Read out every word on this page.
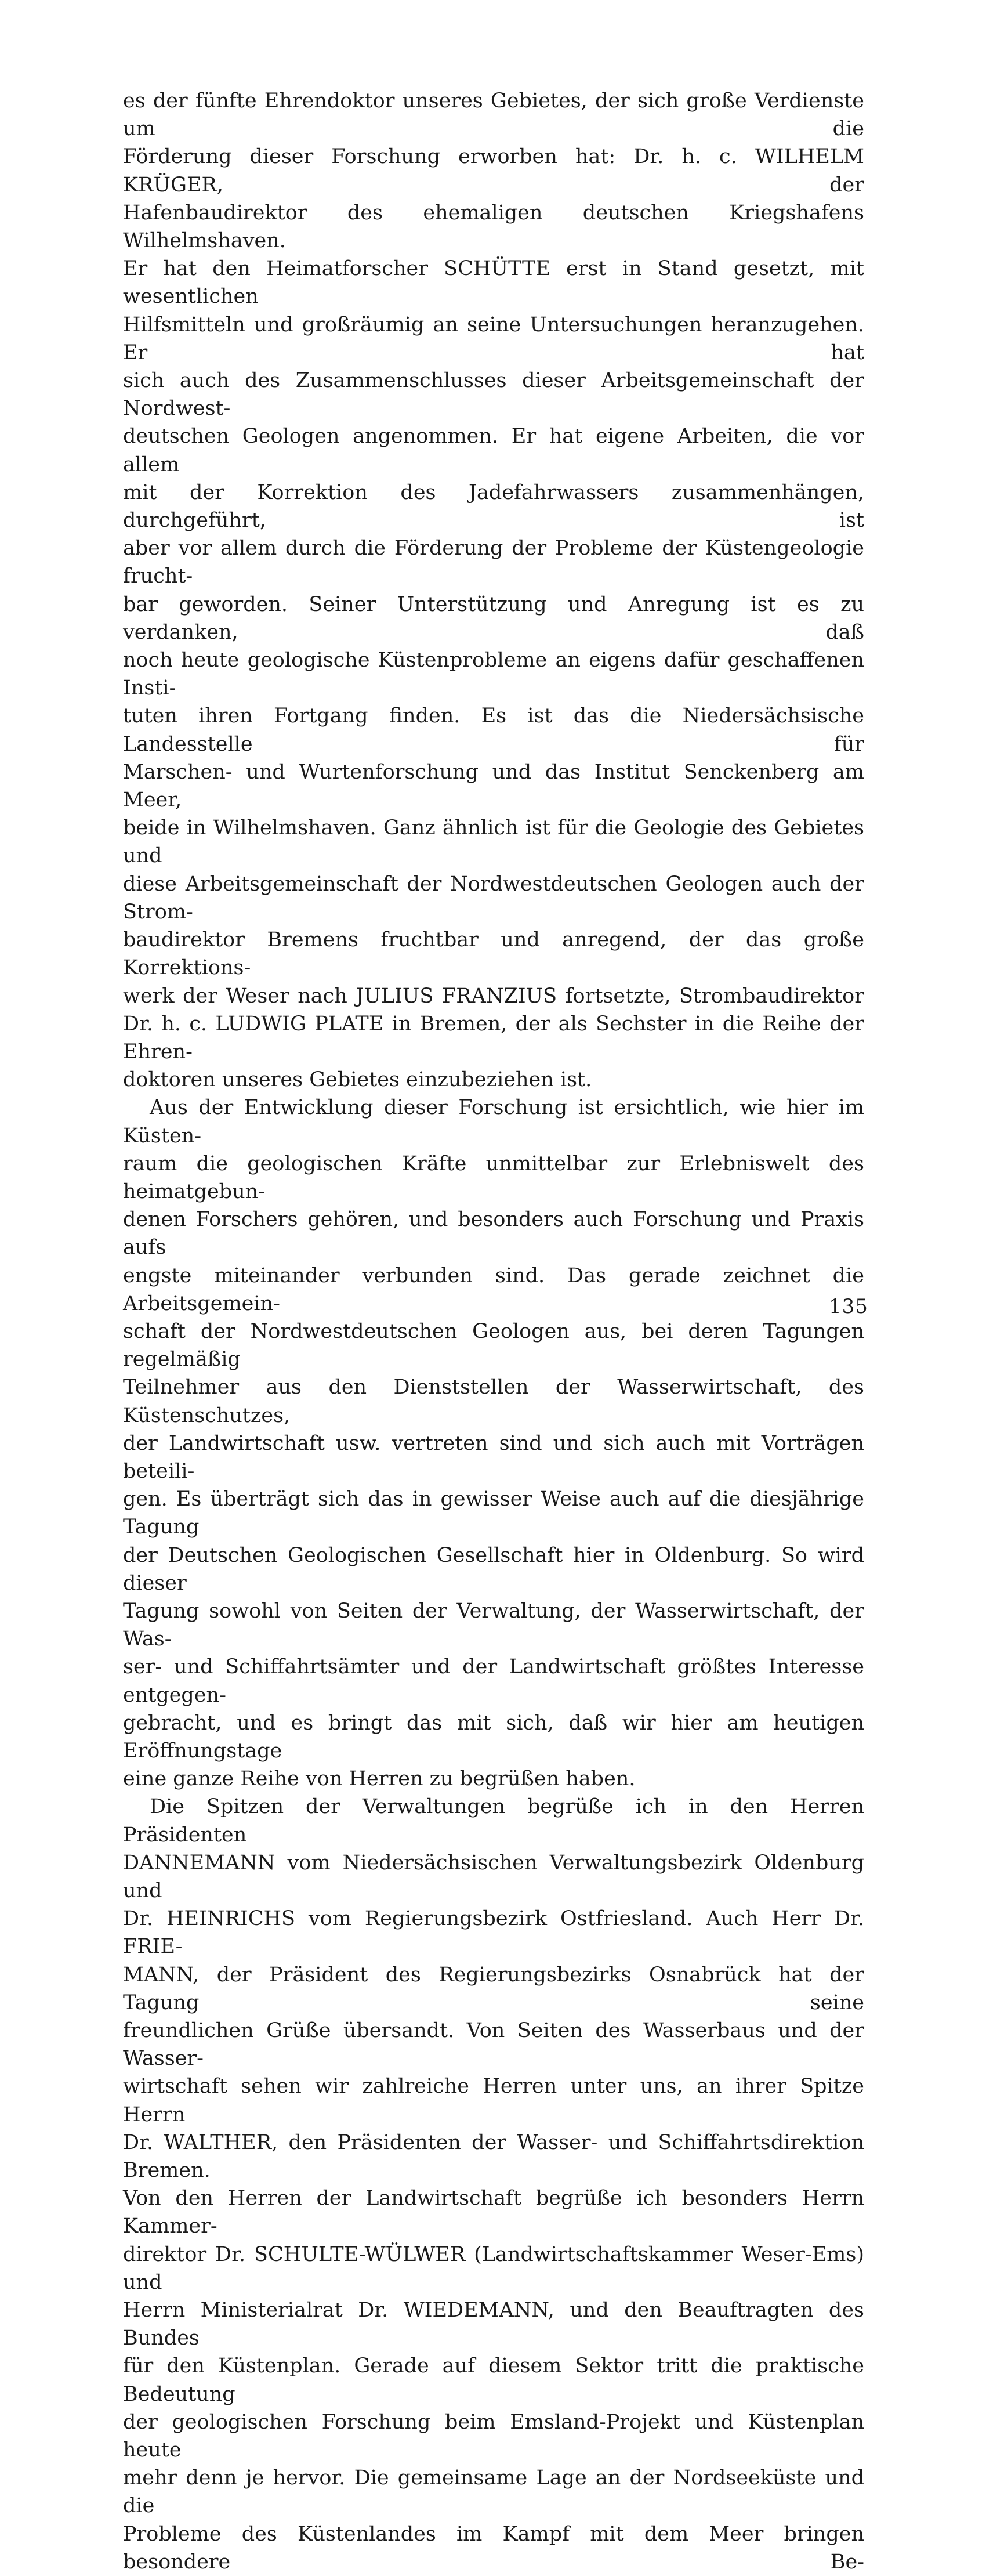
es der fünfte Ehrendoktor unseres Gebietes, der sich große Verdienste um die

Förderung dieser Forschung erworben hat: Dr. h. c. WILHELM KRÜGER, der

Hafenbaudirektor des ehemaligen deutschen Kriegshafens Wilhelmshaven.

Er hat den Heimatforscher SCHÜTTE erst in Stand gesetzt, mit wesentlichen

Hilfsmitteln und großräumig an seine Untersuchungen heranzugehen. Er hat

sich auch des Zusammenschlusses dieser Arbeitsgemeinschaft der Nordwest-

deutschen Geologen angenommen. Er hat eigene Arbeiten, die vor allem

mit der Korrektion des Jadefahrwassers zusammenhängen, durchgeführt, ist

aber vor allem durch die Förderung der Probleme der Küstengeologie frucht-

bar geworden. Seiner Unterstützung und Anregung ist es zu verdanken, daß

noch heute geologische Küstenprobleme an eigens dafür geschaffenen Insti-

tuten ihren Fortgang finden. Es ist das die Niedersächsische Landesstelle für

Marschen- und Wurtenforschung und das Institut Senckenberg am Meer,

beide in Wilhelmshaven. Ganz ähnlich ist für die Geologie des Gebietes und

diese Arbeitsgemeinschaft der Nordwestdeutschen Geologen auch der Strom-

baudirektor Bremens fruchtbar und anregend, der das große Korrektions-

werk der Weser nach JULIUS FRANZIUS fortsetzte, Strombaudirektor

Dr. h. c. LUDWIG PLATE in Bremen, der als Sechster in die Reihe der Ehren-

doktoren unseres Gebietes einzubeziehen ist.

Aus der Entwicklung dieser Forschung ist ersichtlich, wie hier im Küsten-

raum die geologischen Kräfte unmittelbar zur Erlebniswelt des heimatgebun-

denen Forschers gehören, und besonders auch Forschung und Praxis aufs

engste miteinander verbunden sind. Das gerade zeichnet die Arbeitsgemein-

schaft der Nordwestdeutschen Geologen aus, bei deren Tagungen regelmäßig

Teilnehmer aus den Dienststellen der Wasserwirtschaft, des Küstenschutzes,

der Landwirtschaft usw. vertreten sind und sich auch mit Vorträgen beteili-

gen. Es überträgt sich das in gewisser Weise auch auf die diesjährige Tagung

der Deutschen Geologischen Gesellschaft hier in Oldenburg. So wird dieser

Tagung sowohl von Seiten der Verwaltung, der Wasserwirtschaft, der Was-

ser- und Schiffahrtsämter und der Landwirtschaft größtes Interesse entgegen-

gebracht, und es bringt das mit sich, daß wir hier am heutigen Eröffnungstage

eine ganze Reihe von Herren zu begrüßen haben.

Die Spitzen der Verwaltungen begrüße ich in den Herren Präsidenten

DANNEMANN vom Niedersächsischen Verwaltungsbezirk Oldenburg und

Dr. HEINRICHS vom Regierungsbezirk Ostfriesland. Auch Herr Dr. FRIE-

MANN, der Präsident des Regierungsbezirks Osnabrück hat der Tagung seine

freundlichen Grüße übersandt. Von Seiten des Wasserbaus und der Wasser-

wirtschaft sehen wir zahlreiche Herren unter uns, an ihrer Spitze Herrn

Dr. WALTHER, den Präsidenten der Wasser- und Schiffahrtsdirektion Bremen.

Von den Herren der Landwirtschaft begrüße ich besonders Herrn Kammer-

direktor Dr. SCHULTE-WÜLWER (Landwirtschaftskammer Weser-Ems) und

Herrn Ministerialrat Dr. WIEDEMANN, und den Beauftragten des Bundes

für den Küstenplan. Gerade auf diesem Sektor tritt die praktische Bedeutung

der geologischen Forschung beim Emsland-Projekt und Küstenplan heute

mehr denn je hervor. Die gemeinsame Lage an der Nordseeküste und die

Probleme des Küstenlandes im Kampf mit dem Meer bringen besondere Be-

135
